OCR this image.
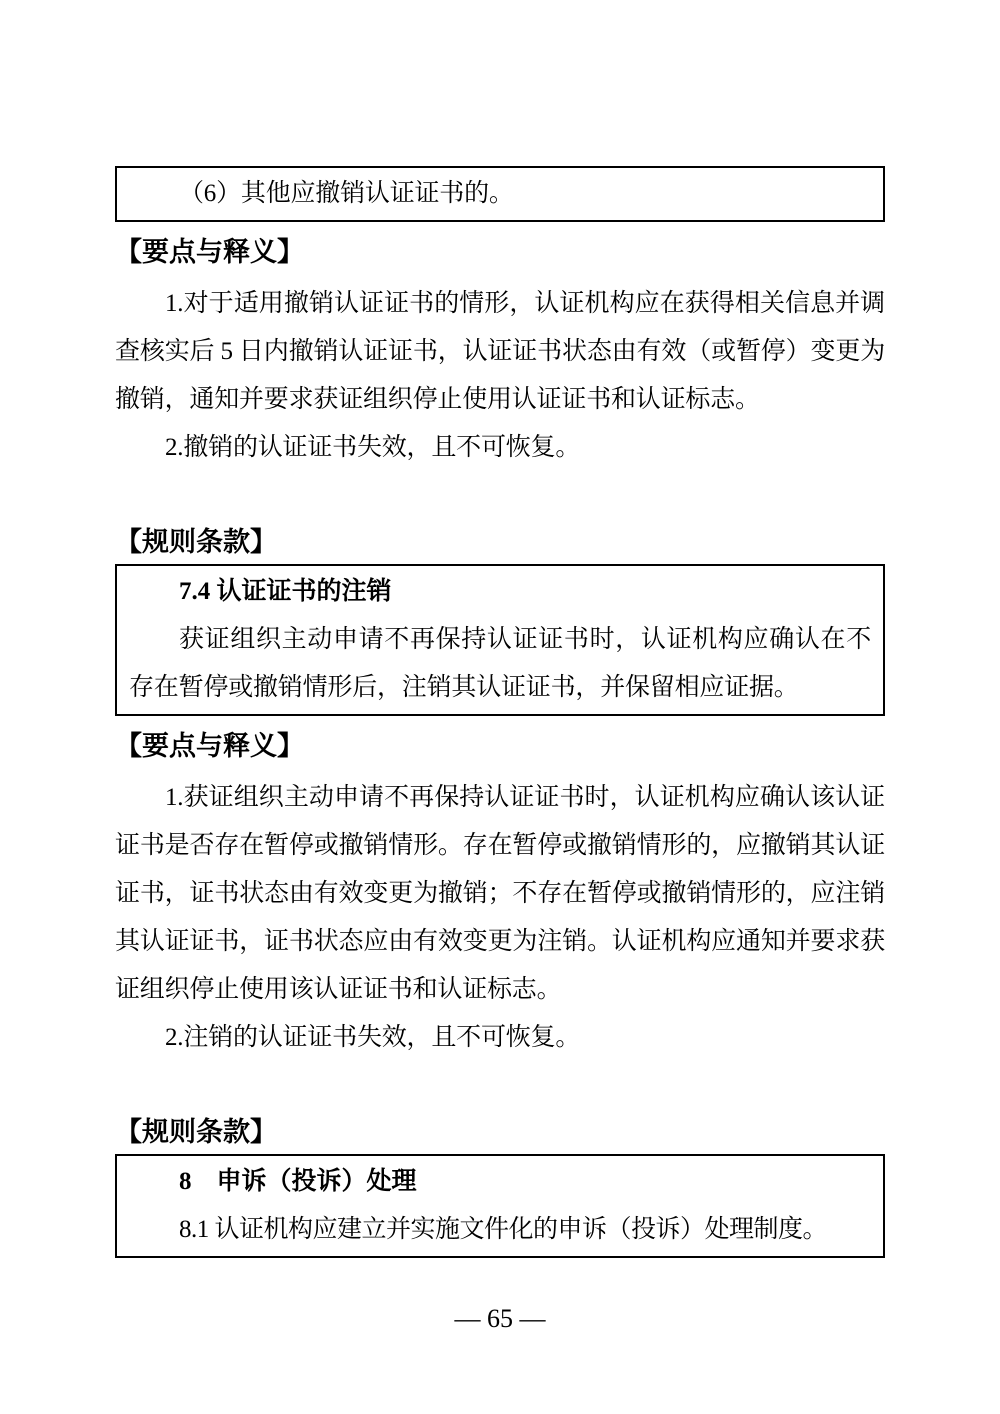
（6）其他应撤销认证证书的。

【要点与释义】

1.对于适用撤销认证证书的情形，认证机构应在获得相关信息并调查核实后 5 日内撤销认证证书，认证证书状态由有效（或暂停）变更为撤销，通知并要求获证组织停止使用认证证书和认证标志。

2.撤销的认证证书失效，且不可恢复。

【规则条款】

7.4 认证证书的注销

获证组织主动申请不再保持认证证书时，认证机构应确认在不存在暂停或撤销情形后，注销其认证证书，并保留相应证据。

【要点与释义】

1.获证组织主动申请不再保持认证证书时，认证机构应确认该认证证书是否存在暂停或撤销情形。存在暂停或撤销情形的，应撤销其认证证书，证书状态由有效变更为撤销；不存在暂停或撤销情形的，应注销其认证证书，证书状态应由有效变更为注销。认证机构应通知并要求获证组织停止使用该认证证书和认证标志。

2.注销的认证证书失效，且不可恢复。

【规则条款】

8　申诉（投诉）处理

8.1 认证机构应建立并实施文件化的申诉（投诉）处理制度。

— 65 —
